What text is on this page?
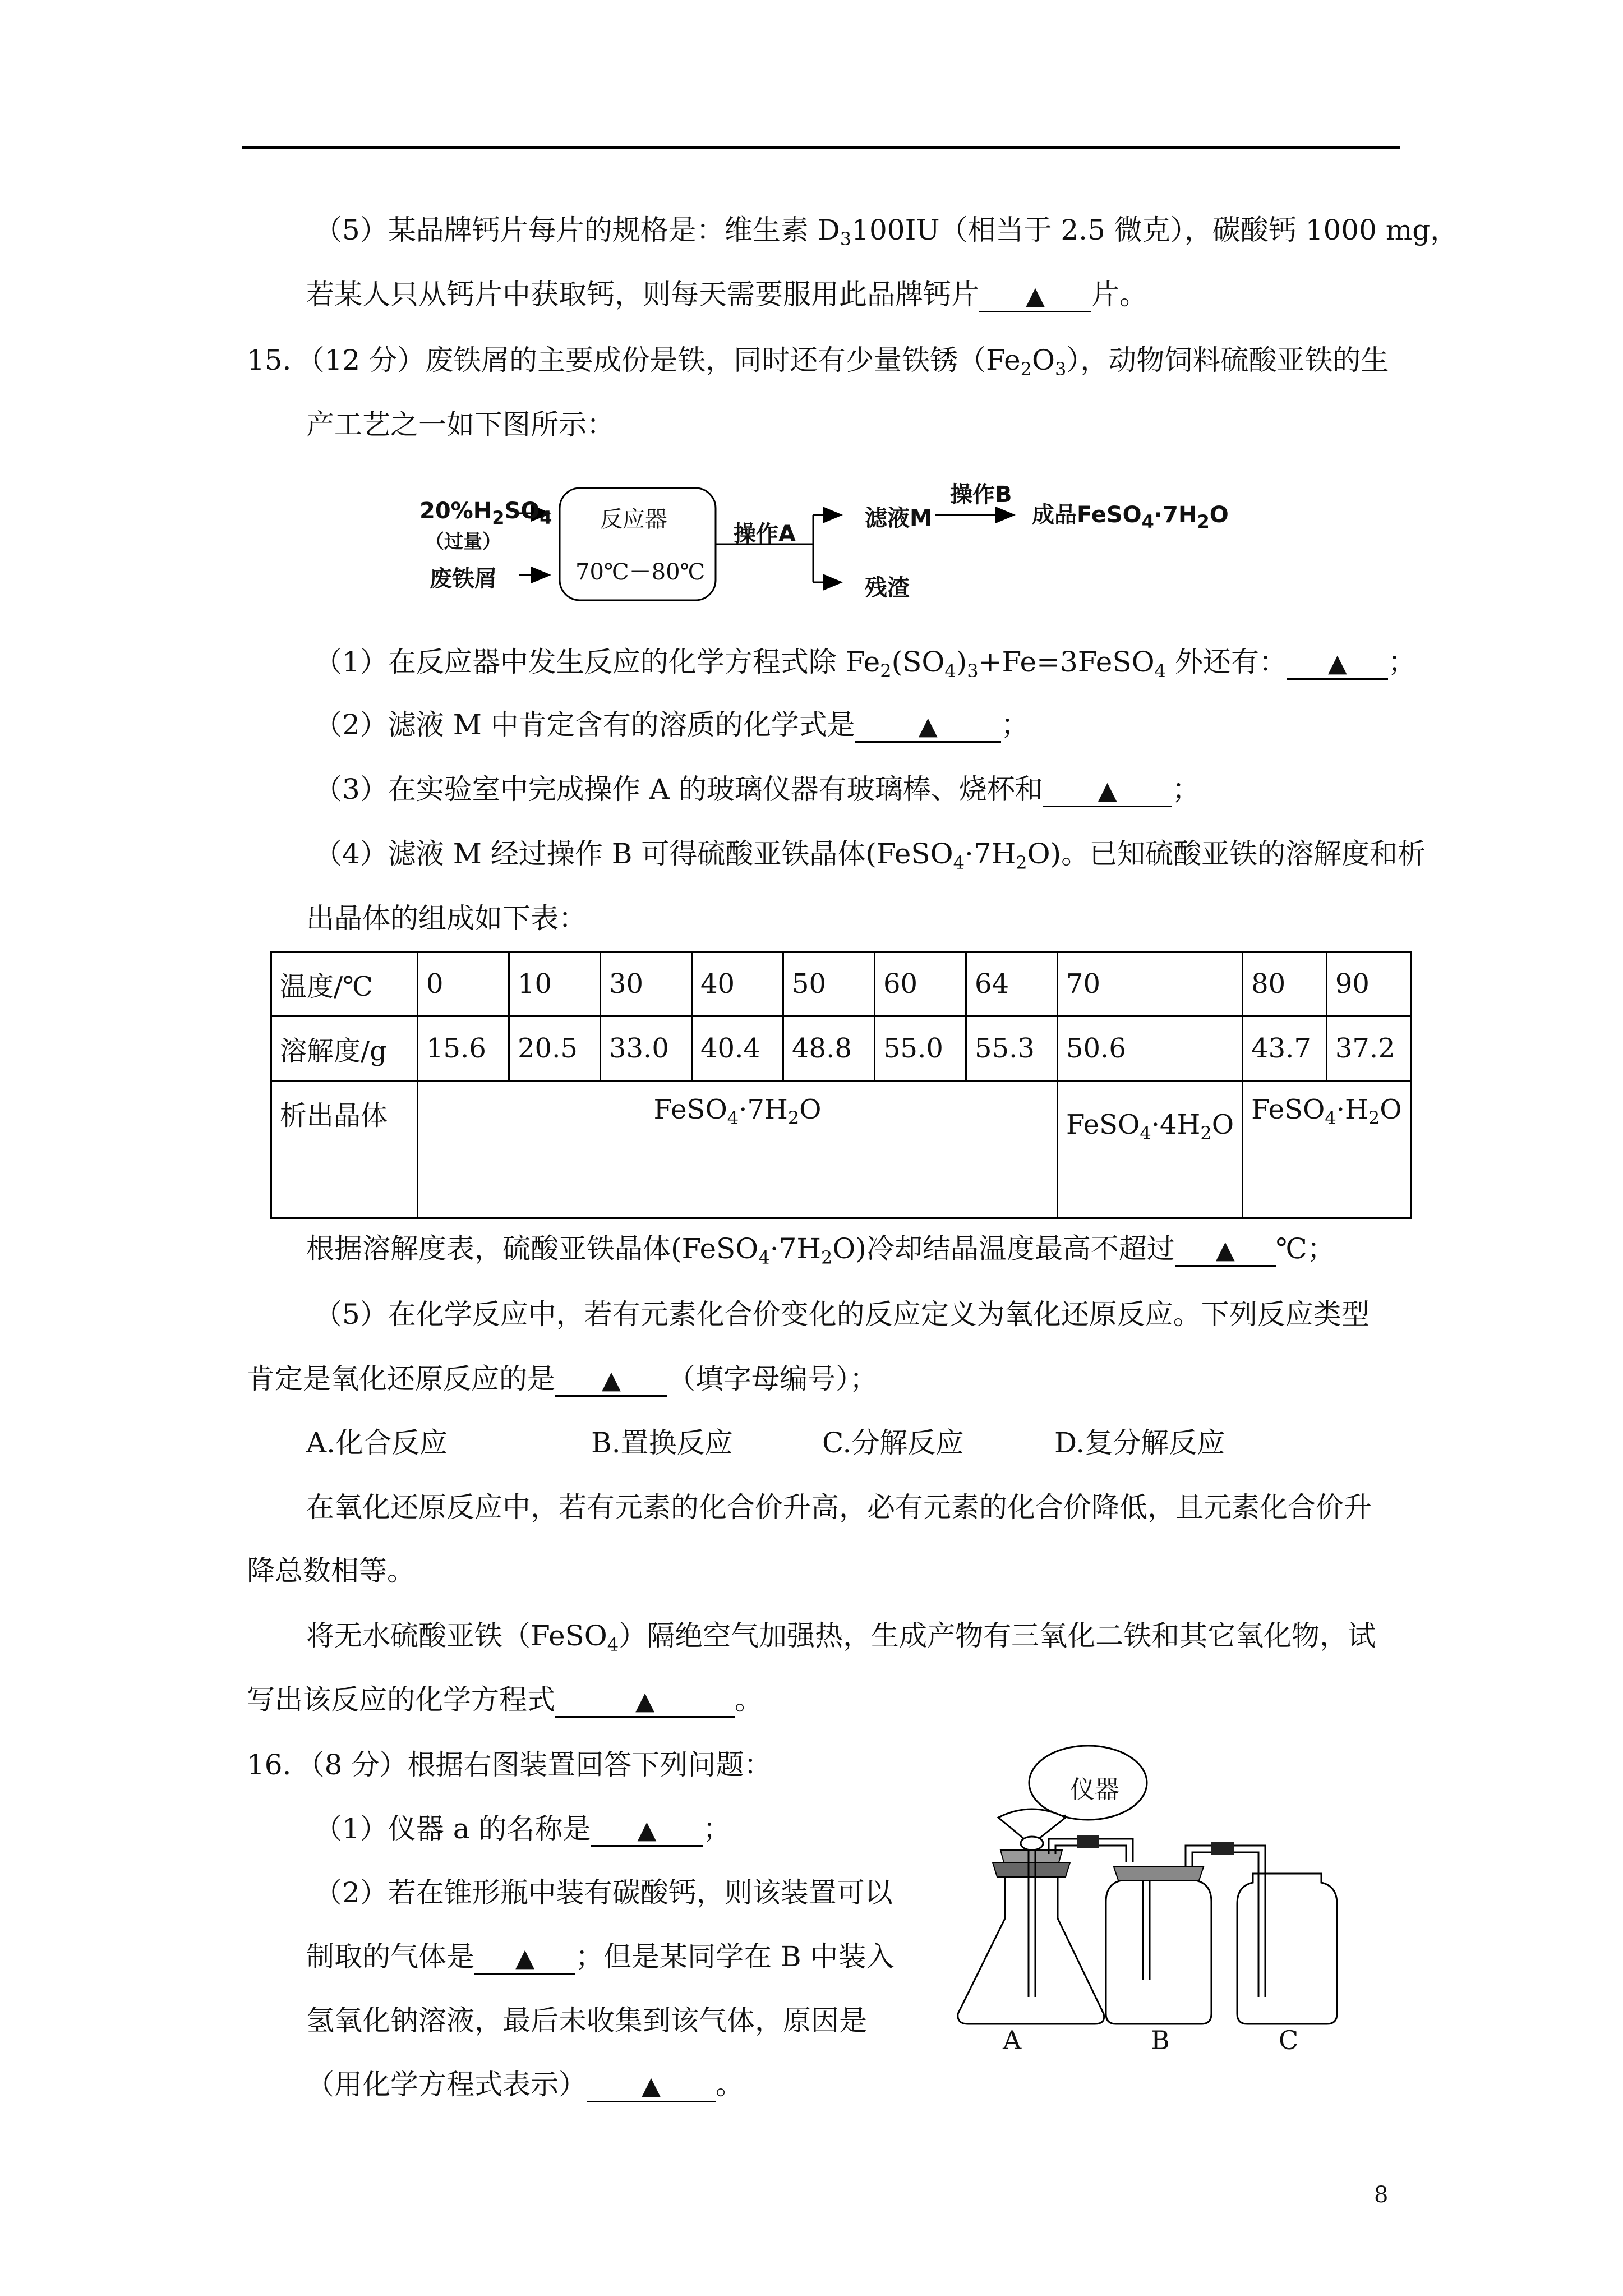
（5）某品牌钙片每片的规格是：维生素 $D_3100IU$（相当于 2.5 微克），碳酸钙 1000 mg，
若某人只从钙片中获取钙，则每天需要服用此品牌钙片 ▲ 片。
15．（12 分）废铁屑的主要成份是铁，同时还有少量铁锈$(Fe_2O_3)$，动物饲料硫酸亚铁的生
产工艺之一如下图所示：
$20\%H_2SO_4$
（过量）
废铁屑
反应器
70℃－80℃
操作A
滤液M
操作B
成品$FeSO_4\cdot 7H_2O$
残渣
（1）在反应器中发生反应的化学方程式除 $Fe_2(SO_4)_3+Fe=3FeSO_4$ 外还有： ▲ ；
（2）滤液 M 中肯定含有的溶质的化学式是	▲ ；
（3）在实验室中完成操作 A 的玻璃仪器有玻璃棒、烧杯和 ▲ ；
（4）滤液 M 经过操作 B 可得硫酸亚铁晶体$(FeSO_4\cdot 7H_2O)$。已知硫酸亚铁的溶解度和析
出晶体的组成如下表：
温度/℃	0	10	30	40	50	60	64	70	80	90
溶解度/g	15.6	20.5	33.0	40.4	48.8	55.0	55.3	50.6	43.7	37.2
析出晶体	$FeSO_4\cdot 7H_2O$							$FeSO_4\cdot 4H_2O$	$FeSO_4\cdot H_2O$	
根据溶解度表，硫酸亚铁晶体$(FeSO_4\cdot 7H_2O)$冷却结晶温度最高不超过 ▲ ℃；
（5）在化学反应中，若有元素化合价变化的反应定义为氧化还原反应。下列反应类型
肯定是氧化还原反应的是 ▲ （填字母编号）；
A.化合反应	B.置换反应	C.分解反应	D.复分解反应
在氧化还原反应中，若有元素的化合价升高，必有元素的化合价降低，且元素化合价升
降总数相等。
将无水硫酸亚铁（FeSO$_4$）隔绝空气加强热，生成产物有三氧化二铁和其它氧化物，试
写出该反应的化学方程式	▲	。
16．（8 分）根据右图装置回答下列问题：
（1）仪器 a 的名称是 ▲ ；
（2）若在锥形瓶中装有碳酸钙，则该装置可以
制取的气体是 ▲ ；但是某同学在 B 中装入
氢氧化钠溶液，最后未收集到该气体，原因是
（用化学方程式表示） ▲ 。
仪器
A	B	C
8
